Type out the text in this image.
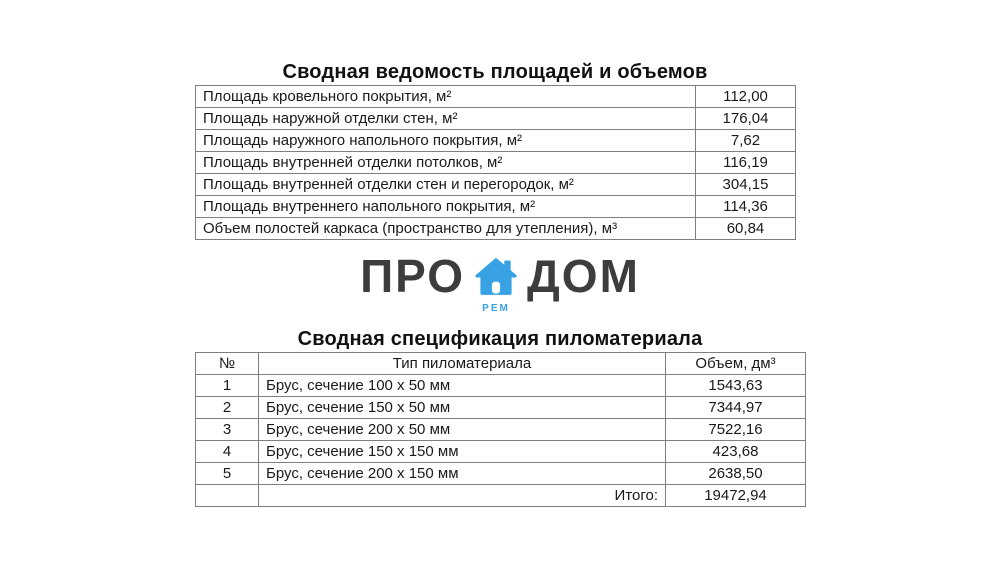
Сводная ведомость площадей и объемов
Площадь кровельного покрытия, м²	112,00
Площадь наружной отделки стен, м²	176,04
Площадь наружного напольного покрытия, м²	7,62
Площадь внутренней отделки потолков, м²	116,19
Площадь внутренней отделки стен и перегородок, м²	304,15
Площадь внутреннего напольного покрытия, м²	114,36
Объем полостей каркаса (пространство для утепления), м³	60,84
ПРО
РЕМ
ДОМ
Сводная спецификация пиломатериала
№	Тип пиломатериала	Объем, дм³
1	Брус, сечение 100 х 50 мм	1543,63
2	Брус, сечение 150 х 50 мм	7344,97
3	Брус, сечение 200 х 50 мм	7522,16
4	Брус, сечение 150 х 150 мм	423,68
5	Брус, сечение 200 х 150 мм	2638,50
	Итого:	19472,94
